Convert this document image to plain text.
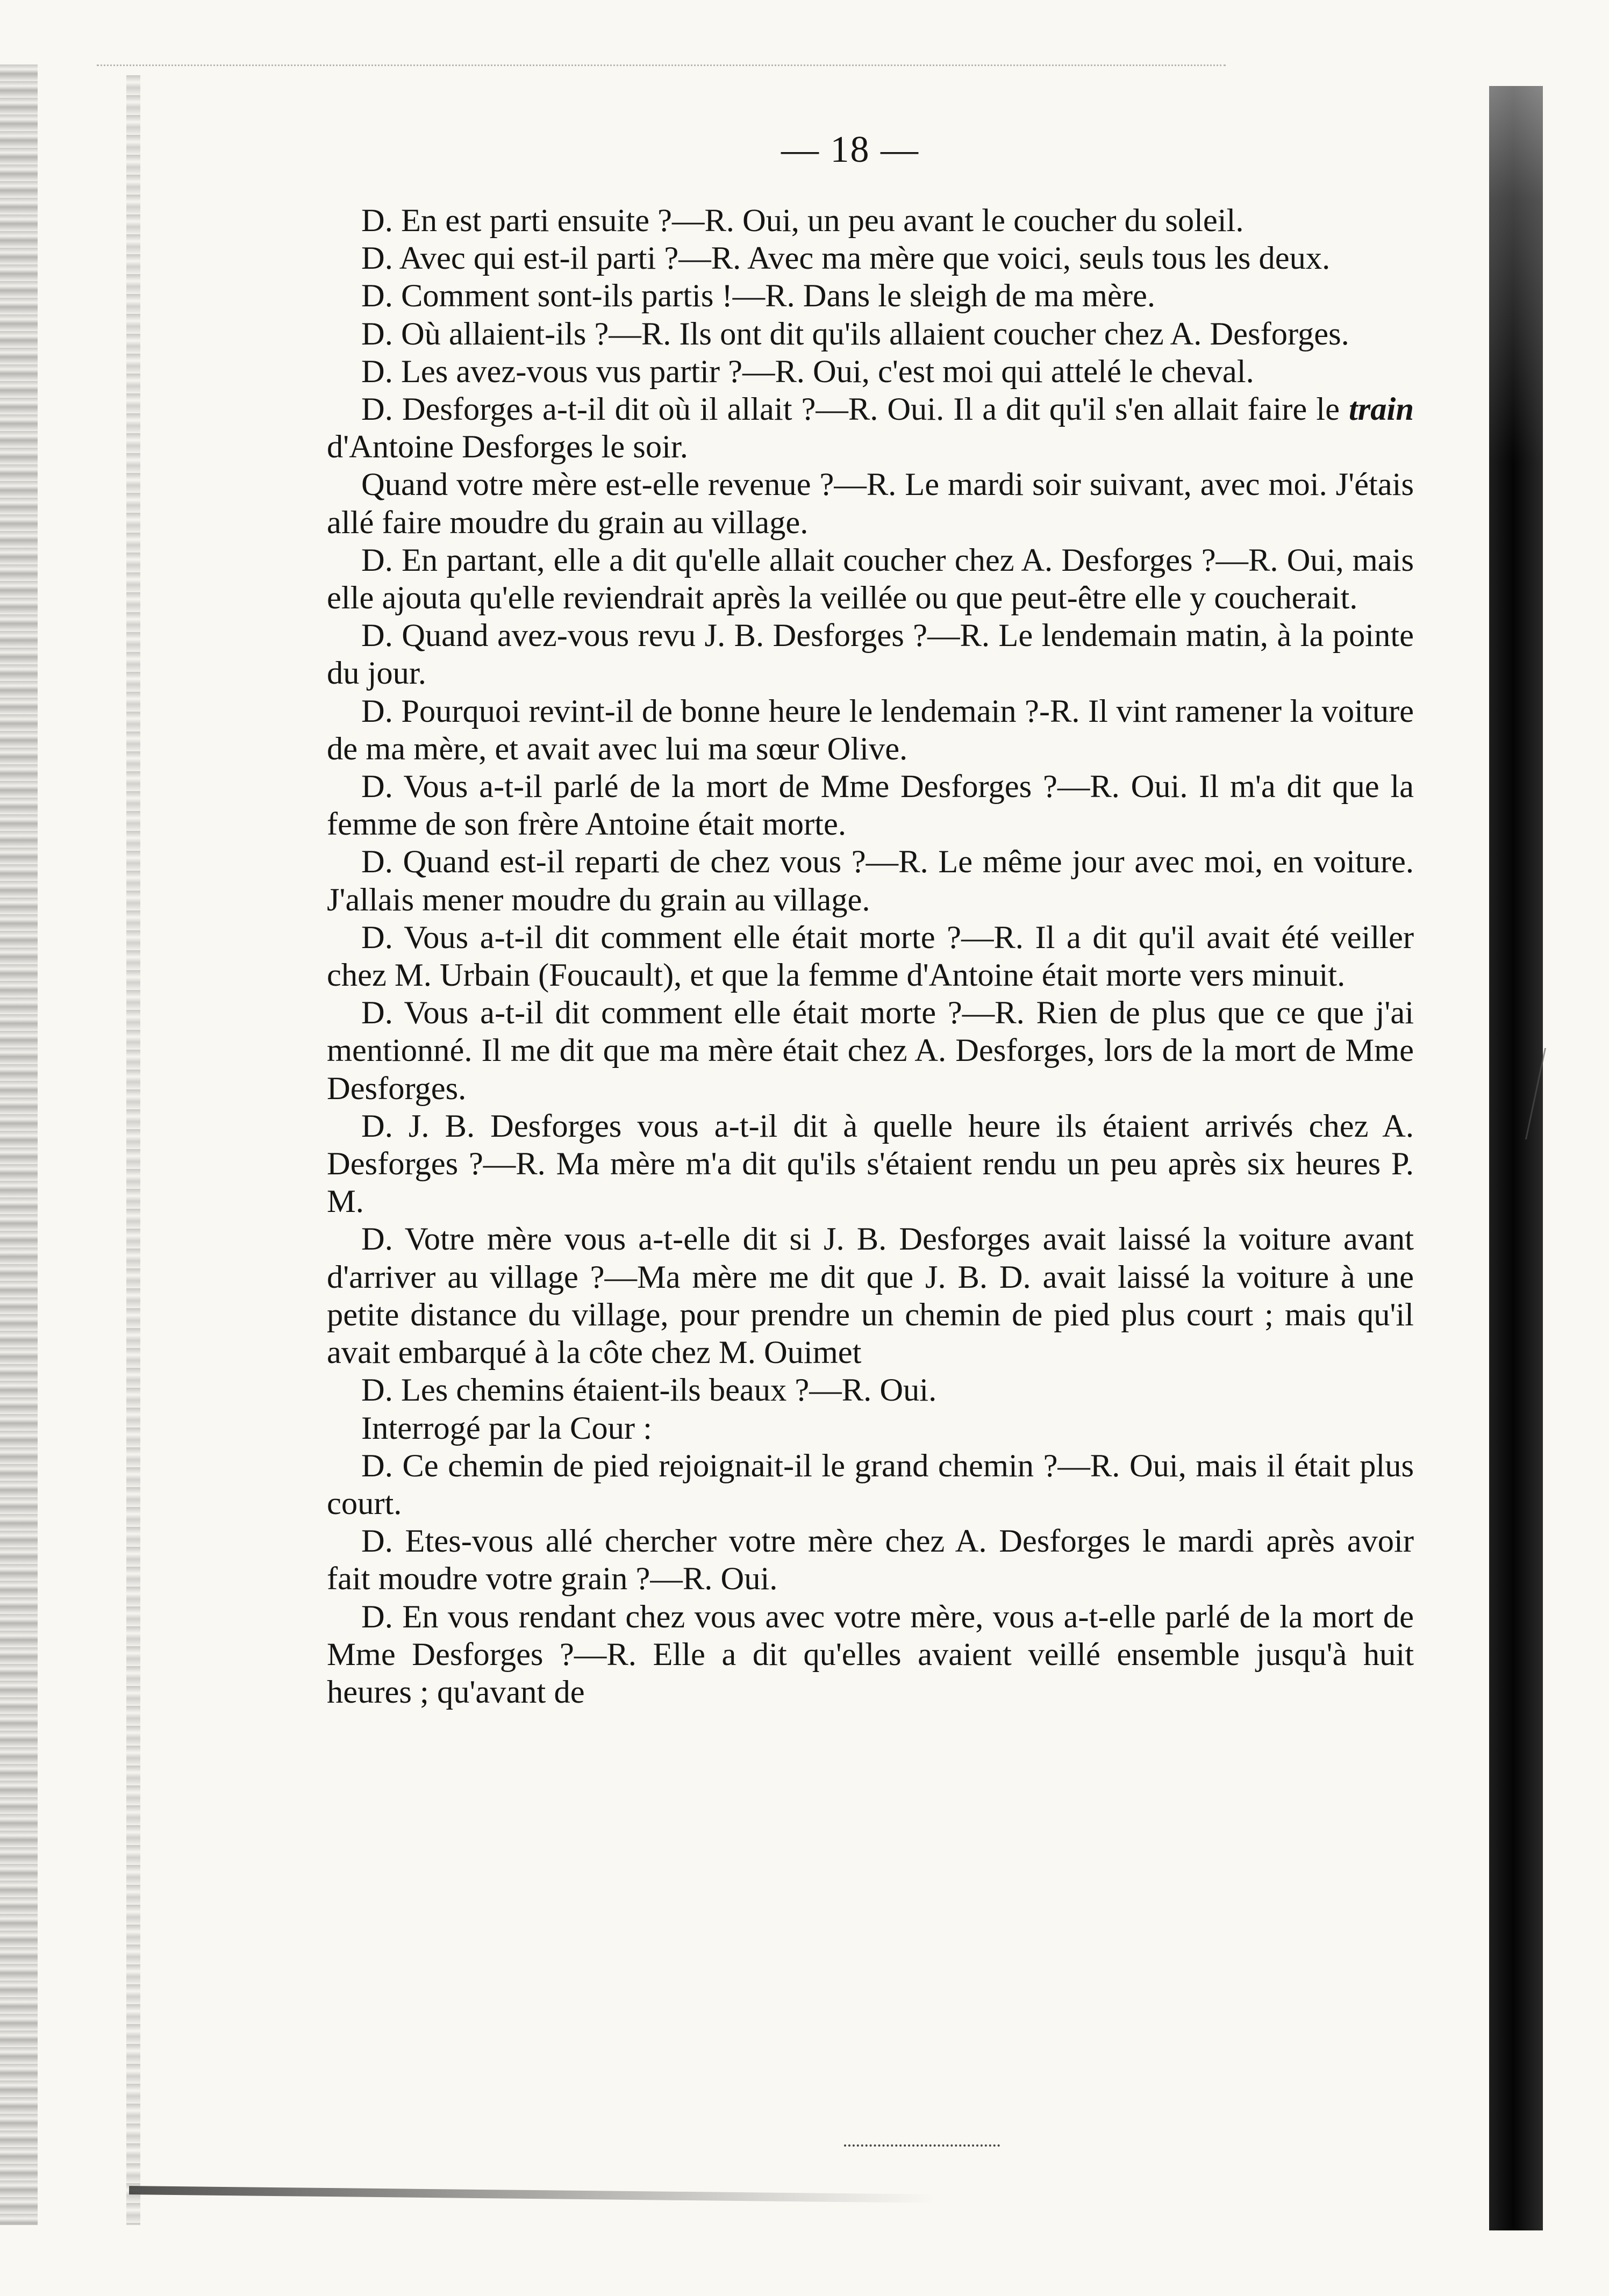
— 18 —

D. En est parti ensuite ?—R. Oui, un peu avant le coucher du soleil.

D. Avec qui est-il parti ?—R. Avec ma mère que voici, seuls tous les deux.

D. Comment sont-ils partis !—R. Dans le sleigh de ma mère.

D. Où allaient-ils ?—R. Ils ont dit qu'ils allaient coucher chez A. Desforges.

D. Les avez-vous vus partir ?—R. Oui, c'est moi qui attelé le cheval.

D. Desforges a-t-il dit où il allait ?—R. Oui. Il a dit qu'il s'en allait faire le train d'Antoine Desforges le soir.

Quand votre mère est-elle revenue ?—R. Le mardi soir suivant, avec moi. J'étais allé faire moudre du grain au village.

D. En partant, elle a dit qu'elle allait coucher chez A. Desforges ?—R. Oui, mais elle ajouta qu'elle reviendrait après la veillée ou que peut-être elle y coucherait.

D. Quand avez-vous revu J. B. Desforges ?—R. Le lendemain matin, à la pointe du jour.

D. Pourquoi revint-il de bonne heure le lendemain ?-R. Il vint ramener la voiture de ma mère, et avait avec lui ma sœur Olive.

D. Vous a-t-il parlé de la mort de Mme Desforges ?—R. Oui. Il m'a dit que la femme de son frère Antoine était morte.

D. Quand est-il reparti de chez vous ?—R. Le même jour avec moi, en voiture. J'allais mener moudre du grain au village.

D. Vous a-t-il dit comment elle était morte ?—R. Il a dit qu'il avait été veiller chez M. Urbain (Foucault), et que la femme d'Antoine était morte vers minuit.

D. Vous a-t-il dit comment elle était morte ?—R. Rien de plus que ce que j'ai mentionné. Il me dit que ma mère était chez A. Desforges, lors de la mort de Mme Desforges.

D. J. B. Desforges vous a-t-il dit à quelle heure ils étaient arrivés chez A. Desforges ?—R. Ma mère m'a dit qu'ils s'étaient rendu un peu après six heures P. M.

D. Votre mère vous a-t-elle dit si J. B. Desforges avait laissé la voiture avant d'arriver au village ?—Ma mère me dit que J. B. D. avait laissé la voiture à une petite distance du village, pour prendre un chemin de pied plus court ; mais qu'il avait embarqué à la côte chez M. Ouimet

D. Les chemins étaient-ils beaux ?—R. Oui.

Interrogé par la Cour :

D. Ce chemin de pied rejoignait-il le grand chemin ?—R. Oui, mais il était plus court.

D. Etes-vous allé chercher votre mère chez A. Desforges le mardi après avoir fait moudre votre grain ?—R. Oui.

D. En vous rendant chez vous avec votre mère, vous a-t-elle parlé de la mort de Mme Desforges ?—R. Elle a dit qu'elles avaient veillé ensemble jusqu'à huit heures ; qu'avant de
